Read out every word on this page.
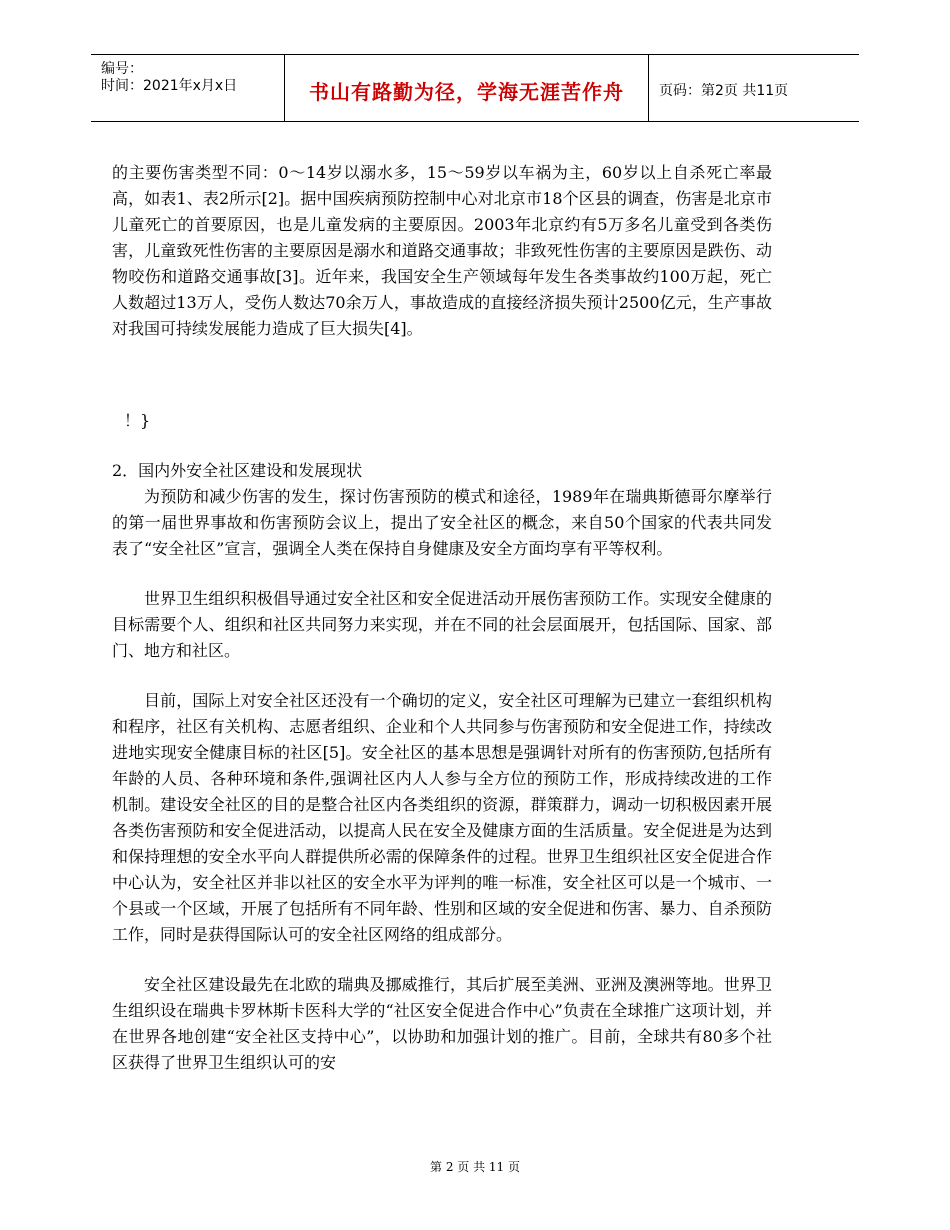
编号：
时间：2021年x月x日	书山有路勤为径，学海无涯苦作舟	页码：第2页 共11页

的主要伤害类型不同：0～14岁以溺水多，15～59岁以车祸为主，60岁以上自杀死亡率最高，如表1、表2所示[2]。据中国疾病预防控制中心对北京市18个区县的调查，伤害是北京市儿童死亡的首要原因，也是儿童发病的主要原因。2003年北京约有5万多名儿童受到各类伤害，儿童致死性伤害的主要原因是溺水和道路交通事故；非致死性伤害的主要原因是跌伤、动物咬伤和道路交通事故[3]。近年来，我国安全生产领域每年发生各类事故约100万起，死亡人数超过13万人，受伤人数达70余万人，事故造成的直接经济损失预计2500亿元，生产事故对我国可持续发展能力造成了巨大损失[4]。

！}

2．国内外安全社区建设和发展现状

为预防和减少伤害的发生，探讨伤害预防的模式和途径，1989年在瑞典斯德哥尔摩举行的第一届世界事故和伤害预防会议上，提出了安全社区的概念，来自50个国家的代表共同发表了“安全社区”宣言，强调全人类在保持自身健康及安全方面均享有平等权利。

世界卫生组织积极倡导通过安全社区和安全促进活动开展伤害预防工作。实现安全健康的目标需要个人、组织和社区共同努力来实现，并在不同的社会层面展开，包括国际、国家、部门、地方和社区。

目前，国际上对安全社区还没有一个确切的定义，安全社区可理解为已建立一套组织机构和程序，社区有关机构、志愿者组织、企业和个人共同参与伤害预防和安全促进工作，持续改进地实现安全健康目标的社区[5]。安全社区的基本思想是强调针对所有的伤害预防,包括所有年龄的人员、各种环境和条件,强调社区内人人参与全方位的预防工作，形成持续改进的工作机制。建设安全社区的目的是整合社区内各类组织的资源，群策群力，调动一切积极因素开展各类伤害预防和安全促进活动，以提高人民在安全及健康方面的生活质量。安全促进是为达到和保持理想的安全水平向人群提供所必需的保障条件的过程。世界卫生组织社区安全促进合作中心认为，安全社区并非以社区的安全水平为评判的唯一标准，安全社区可以是一个城市、一个县或一个区域，开展了包括所有不同年龄、性别和区域的安全促进和伤害、暴力、自杀预防工作，同时是获得国际认可的安全社区网络的组成部分。

安全社区建设最先在北欧的瑞典及挪威推行，其后扩展至美洲、亚洲及澳洲等地。世界卫生组织设在瑞典卡罗林斯卡医科大学的“社区安全促进合作中心”负责在全球推广这项计划，并在世界各地创建“安全社区支持中心”，以协助和加强计划的推广。目前，全球共有80多个社区获得了世界卫生组织认可的安

第 2 页 共 11 页
